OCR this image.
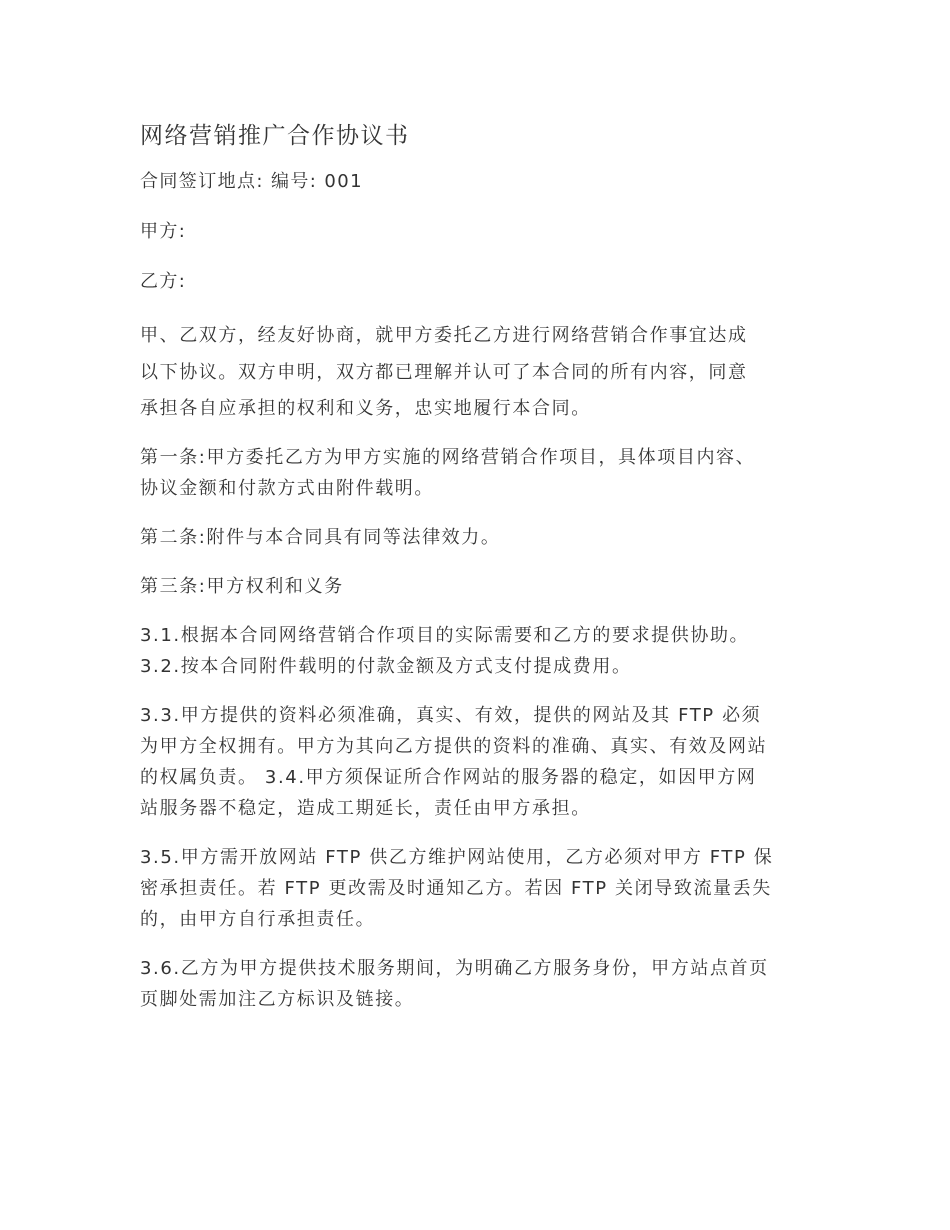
网络营销推广合作协议书

合同签订地点: 编号: 001

甲方:

乙方:

甲、乙双方，经友好协商，就甲方委托乙方进行网络营销合作事宜达成
以下协议。双方申明，双方都已理解并认可了本合同的所有内容，同意
承担各自应承担的权利和义务，忠实地履行本合同。

第一条:甲方委托乙方为甲方实施的网络营销合作项目，具体项目内容、
协议金额和付款方式由附件载明。

第二条:附件与本合同具有同等法律效力。

第三条:甲方权利和义务

3.1.根据本合同网络营销合作项目的实际需要和乙方的要求提供协助。
3.2.按本合同附件载明的付款金额及方式支付提成费用。

3.3.甲方提供的资料必须准确，真实、有效，提供的网站及其 FTP 必须
为甲方全权拥有。甲方为其向乙方提供的资料的准确、真实、有效及网站
的权属负责。 3.4.甲方须保证所合作网站的服务器的稳定，如因甲方网
站服务器不稳定，造成工期延长，责任由甲方承担。

3.5.甲方需开放网站 FTP 供乙方维护网站使用，乙方必须对甲方 FTP 保
密承担责任。若 FTP 更改需及时通知乙方。若因 FTP 关闭导致流量丢失
的，由甲方自行承担责任。

3.6.乙方为甲方提供技术服务期间，为明确乙方服务身份，甲方站点首页
页脚处需加注乙方标识及链接。
